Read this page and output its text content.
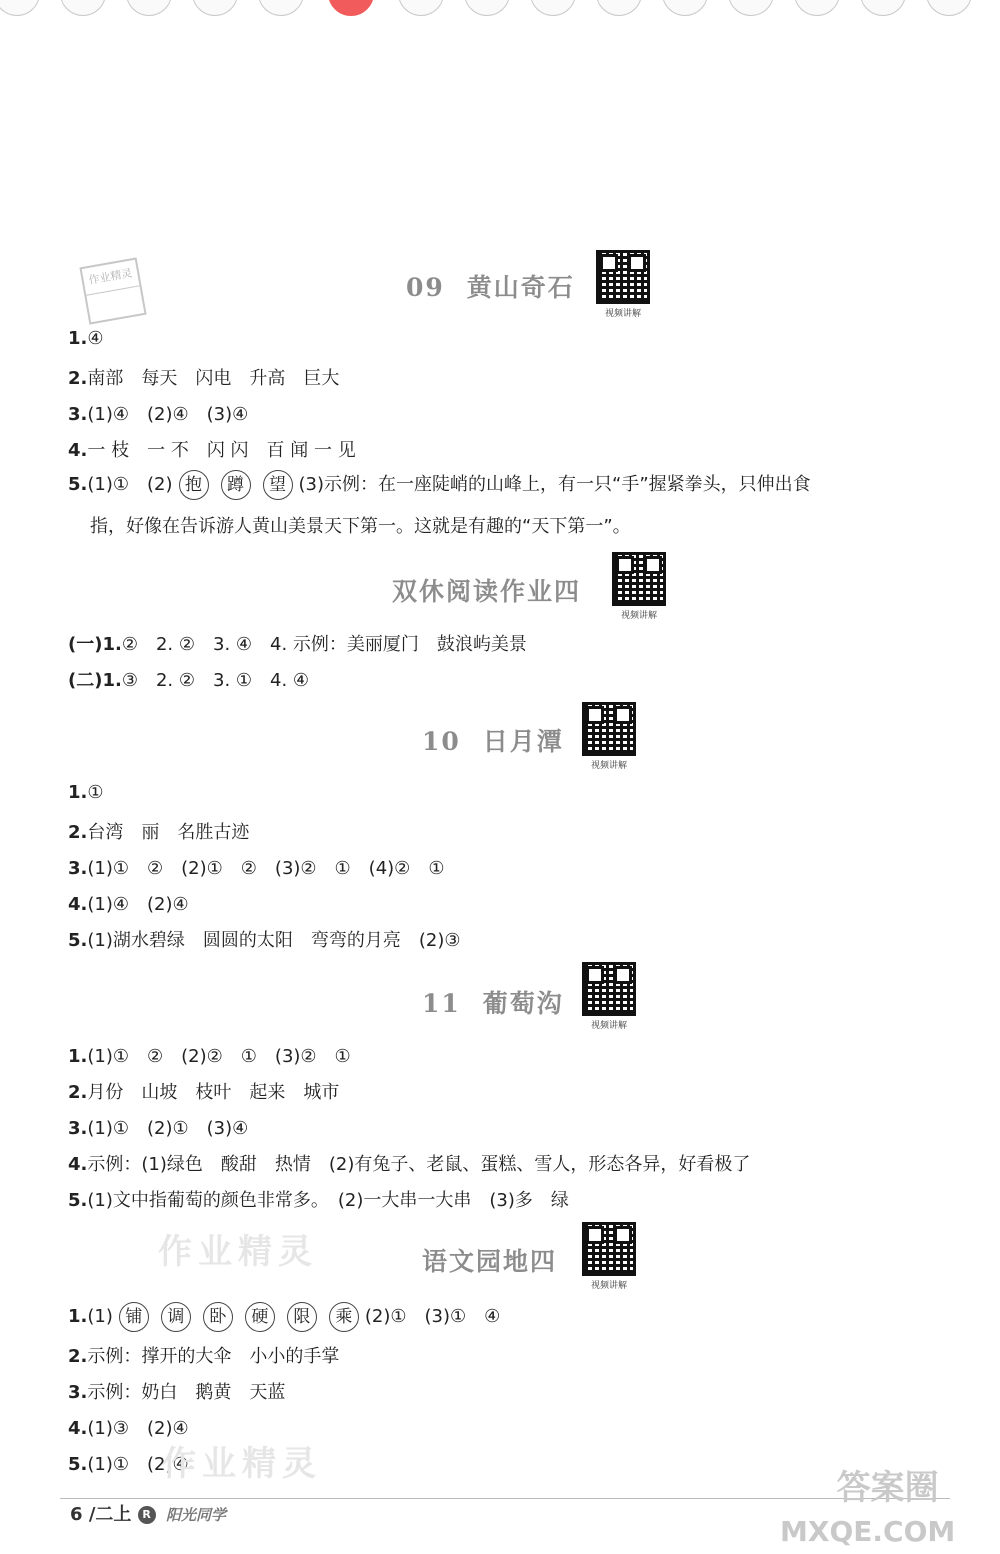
作业精灵	09 黄山奇石
视频讲解
1.④
2.南部　每天　闪电　升高　巨大
3.(1)④　(2)④　(3)④
4.一 枝　一 不　闪 闪　百 闻 一 见
5.(1)①　(2) 抱 蹲 望 (3)示例：在一座陡峭的山峰上，有一只“手”握紧拳头，只伸出食
指，好像在告诉游人黄山美景天下第一。这就是有趣的“天下第一”。
双休阅读作业四
视频讲解
(一)1.②　2. ②　3. ④　4. 示例：美丽厦门　鼓浪屿美景
(二)1.③　2. ②　3. ①　4. ④
10 日月潭
视频讲解
1.①
2.台湾　丽　名胜古迹
3.(1)①　②　(2)①　②　(3)②　①　(4)②　①
4.(1)④　(2)④
5.(1)湖水碧绿　圆圆的太阳　弯弯的月亮　(2)③
11 葡萄沟
视频讲解
1.(1)①　②　(2)②　①　(3)②　①
2.月份　山坡　枝叶　起来　城市
3.(1)①　(2)①　(3)④
4.示例：(1)绿色　酸甜　热情　(2)有兔子、老鼠、蛋糕、雪人，形态各异，好看极了
5.(1)文中指葡萄的颜色非常多。　(2)一大串一大串　(3)多　绿
作业精灵	语文园地四
视频讲解
1.(1) 铺 调 卧 硬 限 乘 (2)①　(3)①　④
2.示例：撑开的大伞　小小的手掌
3.示例：奶白　鹅黄　天蓝
4.(1)③　(2)④
5.(1)①　(2)④
作业精灵
6 /二上 R 阳光同学
答案圈
MXQE.COM
